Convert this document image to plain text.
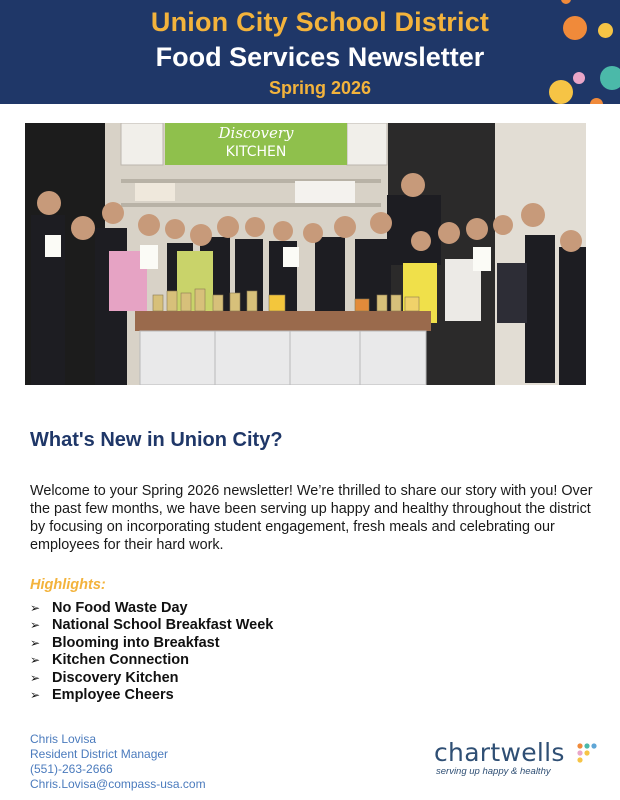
Union City School District
Food Services Newsletter
Spring 2026
Discovery
KITCHEN
What's New in Union City?

Welcome to your Spring 2026 newsletter! We’re thrilled to share our story with you! Over the past few months, we have been serving up happy and healthy throughout the district by focusing on incorporating student engagement, fresh meals and celebrating our employees for their hard work.

Highlights:
➢ No Food Waste Day
➢ National School Breakfast Week
➢ Blooming into Breakfast
➢ Kitchen Connection
➢ Discovery Kitchen
➢ Employee Cheers
Chris Lovisa
Resident District Manager
(551)-263-2666
Chris.Lovisa@compass-usa.com
chartwells
serving up happy & healthy
